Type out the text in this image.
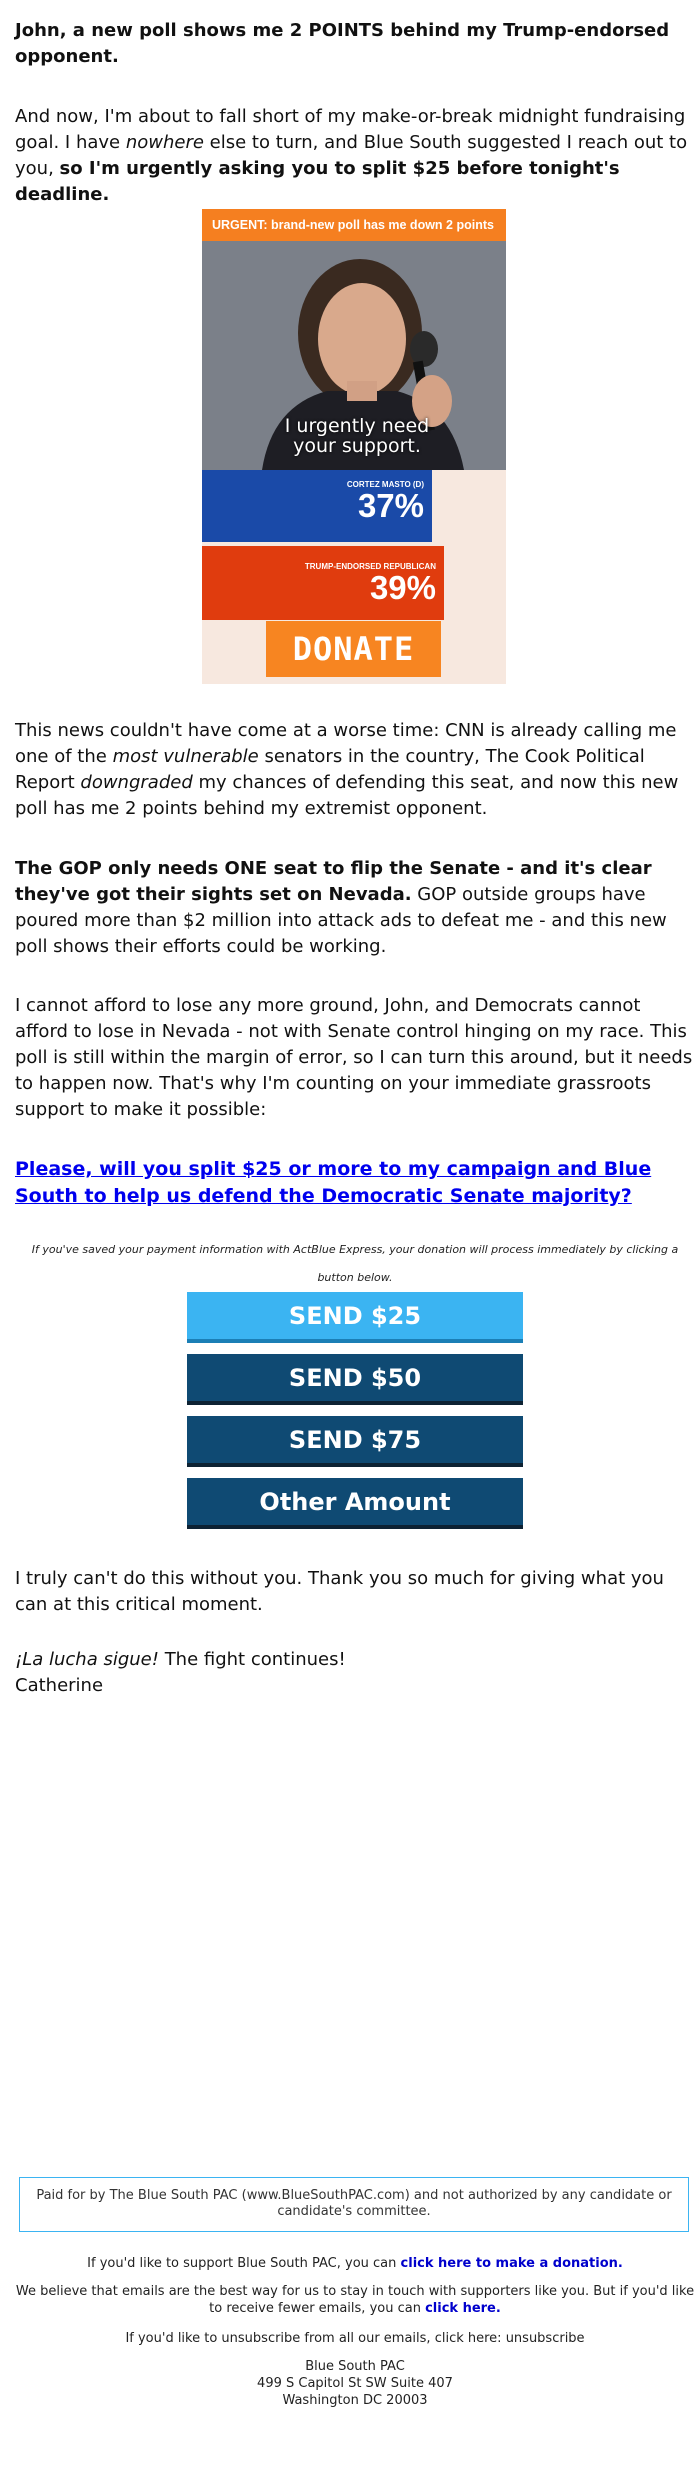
John, a new poll shows me 2 POINTS behind my Trump-endorsed opponent.

And now, I'm about to fall short of my make-or-break midnight fundraising goal. I have nowhere else to turn, and Blue South suggested I reach out to you, so I'm urgently asking you to split $25 before tonight's deadline.

URGENT: brand-new poll has me down 2 points
I urgently need
your support.
CORTEZ MASTO (D)
37%
TRUMP-ENDORSED REPUBLICAN
39%
DONATE

This news couldn't have come at a worse time: CNN is already calling me one of the most vulnerable senators in the country, The Cook Political Report downgraded my chances of defending this seat, and now this new poll has me 2 points behind my extremist opponent.

The GOP only needs ONE seat to flip the Senate - and it's clear they've got their sights set on Nevada. GOP outside groups have poured more than $2 million into attack ads to defeat me - and this new poll shows their efforts could be working.

I cannot afford to lose any more ground, John, and Democrats cannot afford to lose in Nevada - not with Senate control hinging on my race. This poll is still within the margin of error, so I can turn this around, but it needs to happen now. That's why I'm counting on your immediate grassroots support to make it possible:

Please, will you split $25 or more to my campaign and Blue South to help us defend the Democratic Senate majority?

If you've saved your payment information with ActBlue Express, your donation will process immediately by clicking a button below.
SEND $25
SEND $50
SEND $75
Other Amount

I truly can't do this without you. Thank you so much for giving what you can at this critical moment.

¡La lucha sigue! The fight continues!

Catherine

Paid for by The Blue South PAC (www.BlueSouthPAC.com) and not authorized by any candidate or candidate's committee.
If you'd like to support Blue South PAC, you can click here to make a donation.
We believe that emails are the best way for us to stay in touch with supporters like you. But if you'd like to receive fewer emails, you can click here.
If you'd like to unsubscribe from all our emails, click here: unsubscribe
Blue South PAC
499 S Capitol St SW Suite 407
Washington DC 20003
